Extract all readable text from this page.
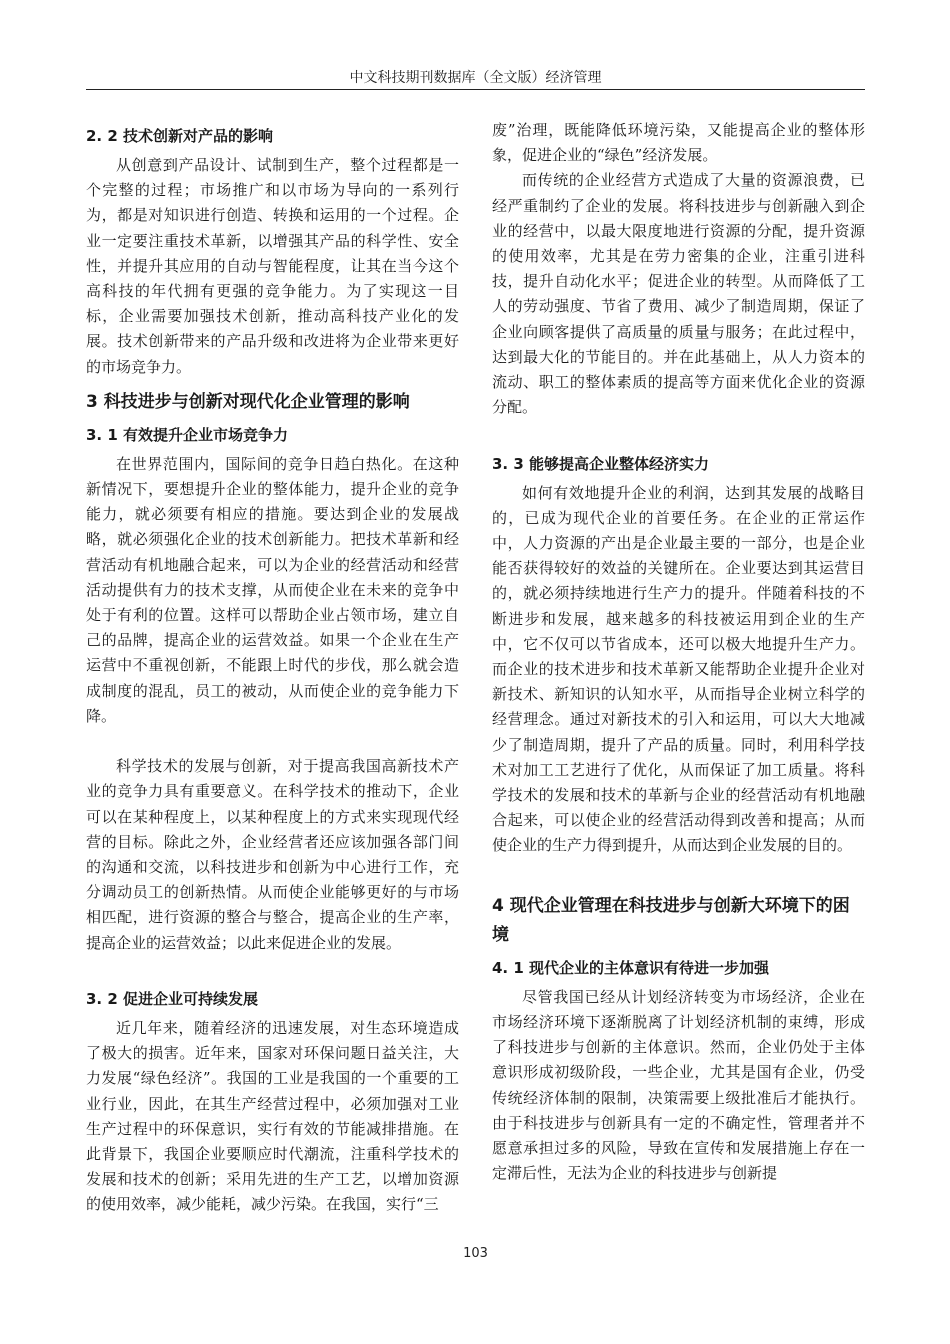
中文科技期刊数据库（全文版）经济管理
2. 2 技术创新对产品的影响

从创意到产品设计、试制到生产，整个过程都是一个完整的过程；市场推广和以市场为导向的一系列行为，都是对知识进行创造、转换和运用的一个过程。企业一定要注重技术革新，以增强其产品的科学性、安全性，并提升其应用的自动与智能程度，让其在当今这个高科技的年代拥有更强的竞争能力。为了实现这一目标，企业需要加强技术创新，推动高科技产业化的发展。技术创新带来的产品升级和改进将为企业带来更好的市场竞争力。

3 科技进步与创新对现代化企业管理的影响
3. 1 有效提升企业市场竞争力

在世界范围内，国际间的竞争日趋白热化。在这种新情况下，要想提升企业的整体能力，提升企业的竞争能力，就必须要有相应的措施。要达到企业的发展战略，就必须强化企业的技术创新能力。把技术革新和经营活动有机地融合起来，可以为企业的经营活动和经营活动提供有力的技术支撑，从而使企业在未来的竞争中处于有利的位置。这样可以帮助企业占领市场，建立自己的品牌，提高企业的运营效益。如果一个企业在生产运营中不重视创新，不能跟上时代的步伐，那么就会造成制度的混乱，员工的被动，从而使企业的竞争能力下降。

科学技术的发展与创新，对于提高我国高新技术产业的竞争力具有重要意义。在科学技术的推动下，企业可以在某种程度上，以某种程度上的方式来实现现代经营的目标。除此之外，企业经营者还应该加强各部门间的沟通和交流，以科技进步和创新为中心进行工作，充分调动员工的创新热情。从而使企业能够更好的与市场相匹配，进行资源的整合与整合，提高企业的生产率，提高企业的运营效益；以此来促进企业的发展。

3. 2 促进企业可持续发展

近几年来，随着经济的迅速发展，对生态环境造成了极大的损害。近年来，国家对环保问题日益关注，大力发展“绿色经济”。我国的工业是我国的一个重要的工业行业，因此，在其生产经营过程中，必须加强对工业生产过程中的环保意识，实行有效的节能减排措施。在此背景下，我国企业要顺应时代潮流，注重科学技术的发展和技术的创新；采用先进的生产工艺，以增加资源的使用效率，减少能耗，减少污染。在我国，实行“三

废”治理，既能降低环境污染，又能提高企业的整体形象，促进企业的“绿色”经济发展。

而传统的企业经营方式造成了大量的资源浪费，已经严重制约了企业的发展。将科技进步与创新融入到企业的经营中，以最大限度地进行资源的分配，提升资源的使用效率，尤其是在劳力密集的企业，注重引进科技，提升自动化水平；促进企业的转型。从而降低了工人的劳动强度、节省了费用、减少了制造周期，保证了企业向顾客提供了高质量的质量与服务；在此过程中，达到最大化的节能目的。并在此基础上，从人力资本的流动、职工的整体素质的提高等方面来优化企业的资源分配。

3. 3 能够提高企业整体经济实力

如何有效地提升企业的利润，达到其发展的战略目的，已成为现代企业的首要任务。在企业的正常运作中，人力资源的产出是企业最主要的一部分，也是企业能否获得较好的效益的关键所在。企业要达到其运营目的，就必须持续地进行生产力的提升。伴随着科技的不断进步和发展，越来越多的科技被运用到企业的生产中，它不仅可以节省成本，还可以极大地提升生产力。而企业的技术进步和技术革新又能帮助企业提升企业对新技术、新知识的认知水平，从而指导企业树立科学的经营理念。通过对新技术的引入和运用，可以大大地减少了制造周期，提升了产品的质量。同时，利用科学技术对加工工艺进行了优化，从而保证了加工质量。将科学技术的发展和技术的革新与企业的经营活动有机地融合起来，可以使企业的经营活动得到改善和提高；从而使企业的生产力得到提升，从而达到企业发展的目的。

4 现代企业管理在科技进步与创新大环境下的困境
4. 1 现代企业的主体意识有待进一步加强

尽管我国已经从计划经济转变为市场经济，企业在市场经济环境下逐渐脱离了计划经济机制的束缚，形成了科技进步与创新的主体意识。然而，企业仍处于主体意识形成初级阶段，一些企业，尤其是国有企业，仍受传统经济体制的限制，决策需要上级批准后才能执行。由于科技进步与创新具有一定的不确定性，管理者并不愿意承担过多的风险，导致在宣传和发展措施上存在一定滞后性，无法为企业的科技进步与创新提

103
